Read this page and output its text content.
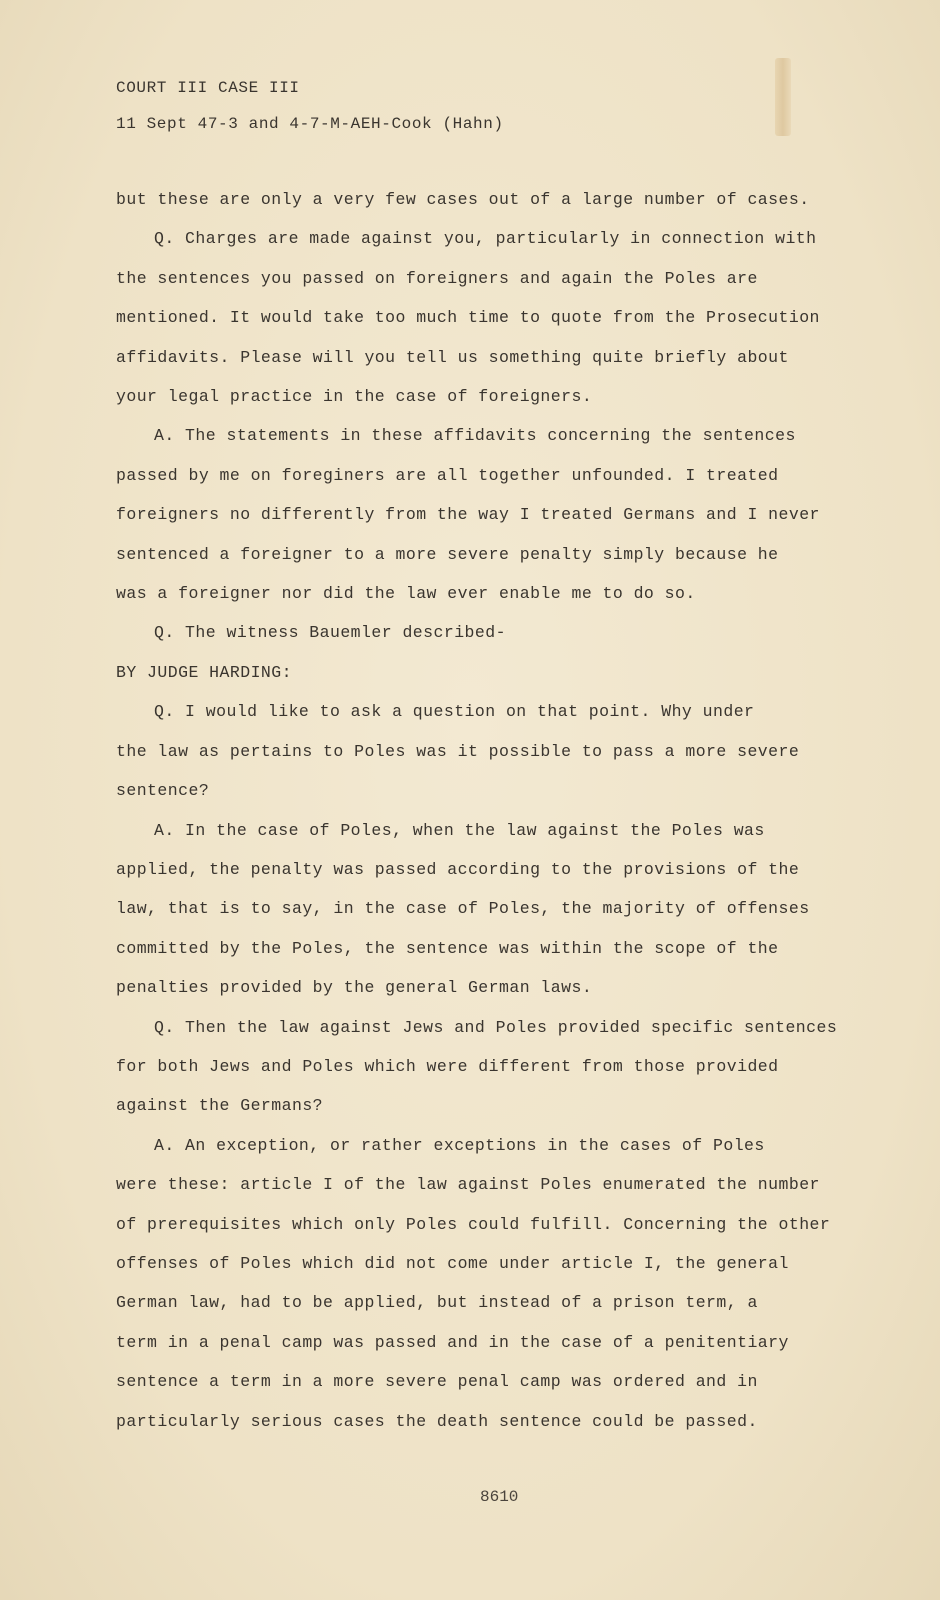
COURT III CASE III
11 Sept 47-3 and 4-7-M-AEH-Cook (Hahn)

but these are only a very few cases out of a large number of cases.

Q. Charges are made against you, particularly in connection with

the sentences you passed on foreigners and again the Poles are

mentioned. It would take too much time to quote from the Prosecution

affidavits. Please will you tell us something quite briefly about

your legal practice in the case of foreigners.

A. The statements in these affidavits concerning the sentences

passed by me on foreginers are all together unfounded. I treated

foreigners no differently from the way I treated Germans and I never

sentenced a foreigner to a more severe penalty simply because he

was a foreigner nor did the law ever enable me to do so.

Q. The witness Bauemler described-

BY JUDGE HARDING:

Q. I would like to ask a question on that point. Why under

the law as pertains to Poles was it possible to pass a more severe

sentence?

A. In the case of Poles, when the law against the Poles was

applied, the penalty was passed according to the provisions of the

law, that is to say, in the case of Poles, the majority of offenses

committed by the Poles, the sentence was within the scope of the

penalties provided by the general German laws.

Q. Then the law against Jews and Poles provided specific sentences

for both Jews and Poles which were different from those provided

against the Germans?

A. An exception, or rather exceptions in the cases of Poles

were these: article I of the law against Poles enumerated the number

of prerequisites which only Poles could fulfill. Concerning the other

offenses of Poles which did not come under article I, the general

German law, had to be applied, but instead of a prison term, a

term in a penal camp was passed and in the case of a penitentiary

sentence a term in a more severe penal camp was ordered and in

particularly serious cases the death sentence could be passed.

8610
